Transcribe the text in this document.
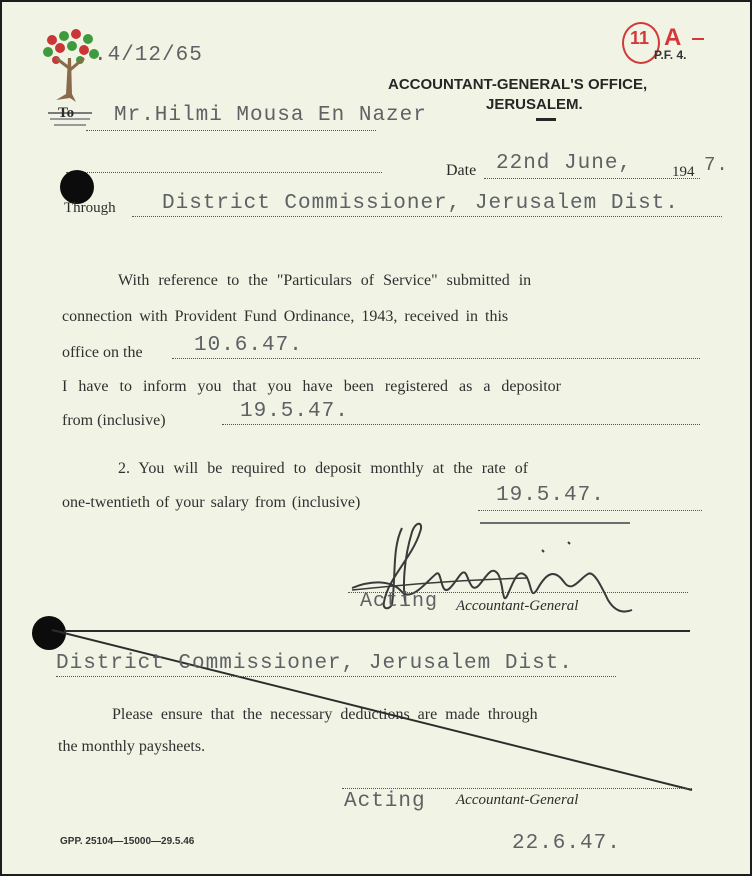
.4/12/65
11 A
P.F. 4.
ACCOUNTANT-GENERAL'S OFFICE,
JERUSALEM.
To Mr.Hilmi Mousa En Nazer
Date 22nd June,	194 7.
Through District Commissioner, Jerusalem Dist.
With reference to the "Particulars of Service" submitted in
connection with Provident Fund Ordinance, 1943, received in this
office on the 10.6.47.
I have to inform you that you have been registered as a depositor
from (inclusive)	19.5.47.
2. You will be required to deposit monthly at the rate of
one-twentieth of your salary from (inclusive)	19.5.47.
Acting Accountant-General
District Commissioner, Jerusalem Dist.
Please ensure that the necessary deductions are made through
the monthly paysheets.
Acting Accountant-General
GPP. 25104—15000—29.5.46	22.6.47.
